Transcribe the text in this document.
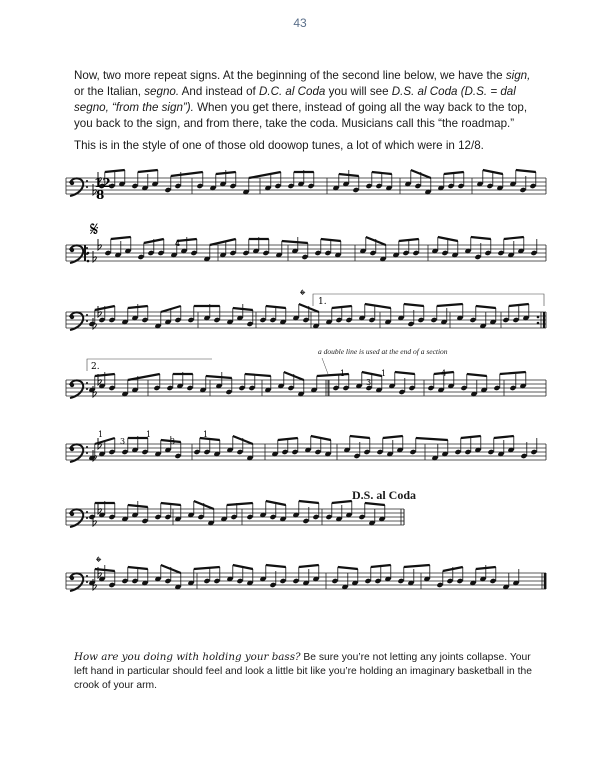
43
Now, two more repeat signs. At the beginning of the second line below, we have the sign, or the Italian, segno. And instead of D.C. al Coda you will see D.S. al Coda (D.S. = dal segno, “from the sign”). When you get there, instead of going all the way back to the top, you back to the sign, and from there, take the coda. Musicians call this “the roadmap.”
This is in the style of one of those old doowop tunes, a lot of which were in 12/8.
12
8
𝄋
𝄌
𝄌
1.
2.
4
1
3
1	4
1
3
1
3
1
a double line is used at the end of a section
D.S. al Coda
How are you doing with holding your bass? Be sure you’re not letting any joints collapse. Your left hand in particular should feel and look a little bit like you’re holding an imaginary basketball in the crook of your arm.
